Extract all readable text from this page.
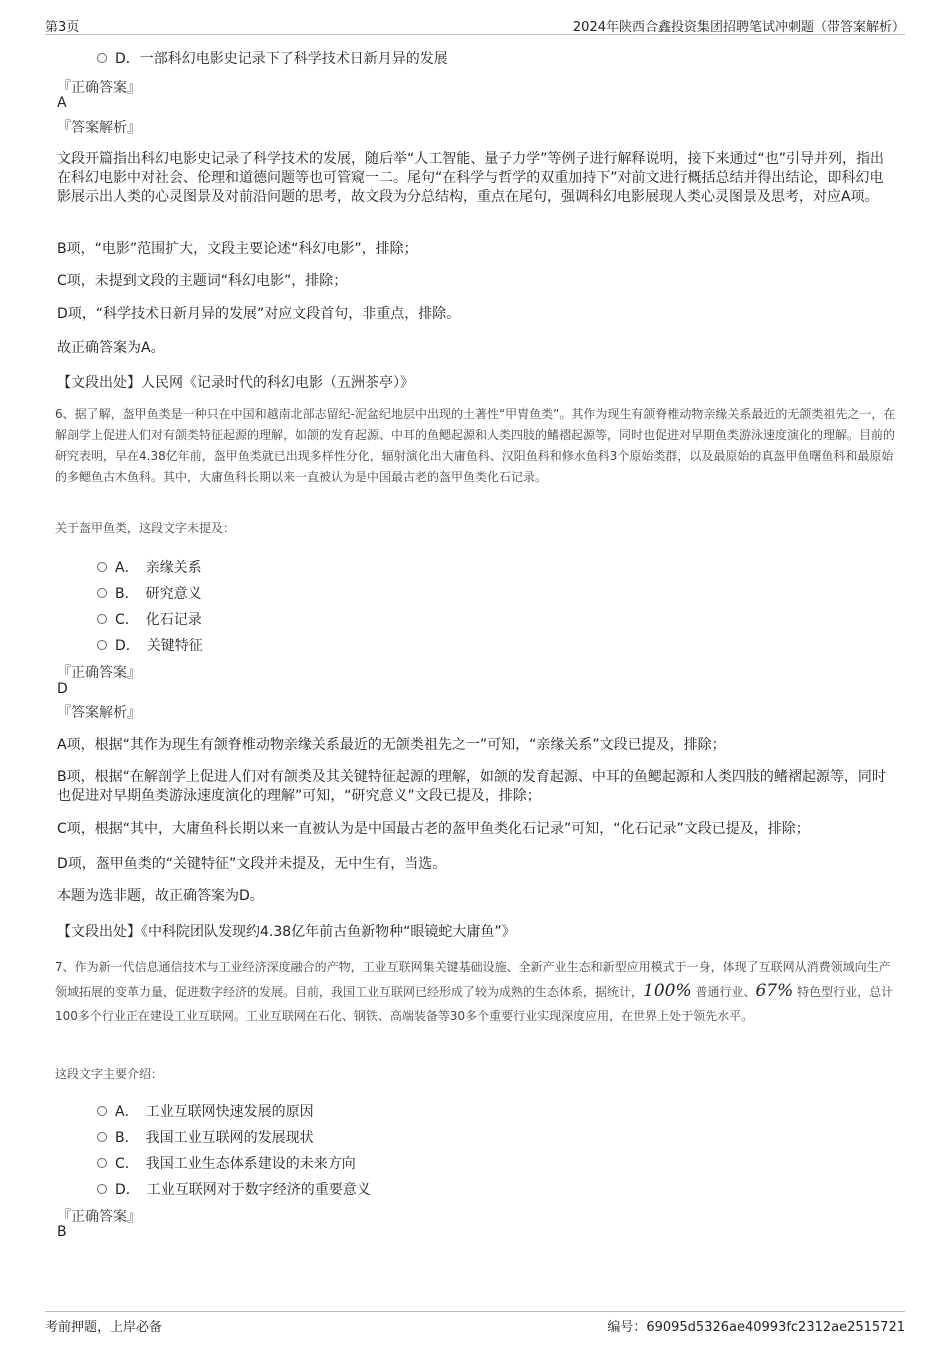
第3页	2024年陕西合鑫投资集团招聘笔试冲刺题（带答案解析）
D．一部科幻电影史记录下了科学技术日新月异的发展
『正确答案』
A
『答案解析』
文段开篇指出科幻电影史记录了科学技术的发展，随后举“人工智能、量子力学”等例子进行解释说明，接下来通过“也”引导并列，指出在科幻电影中对社会、伦理和道德问题等也可管窥一二。尾句“在科学与哲学的双重加持下”对前文进行概括总结并得出结论，即科幻电影展示出人类的心灵图景及对前沿问题的思考，故文段为分总结构，重点在尾句，强调科幻电影展现人类心灵图景及思考，对应A项。
B项，“电影”范围扩大，文段主要论述“科幻电影”，排除；
C项，未提到文段的主题词“科幻电影”，排除；
D项，“科学技术日新月异的发展”对应文段首句，非重点，排除。
故正确答案为A。
【文段出处】人民网《记录时代的科幻电影（五洲茶亭）》
6、据了解，盔甲鱼类是一种只在中国和越南北部志留纪-泥盆纪地层中出现的土著性“甲胄鱼类”。其作为现生有颌脊椎动物亲缘关系最近的无颌类祖先之一，在解剖学上促进人们对有颌类特征起源的理解，如颌的发育起源、中耳的鱼鳃起源和人类四肢的鳍褶起源等，同时也促进对早期鱼类游泳速度演化的理解。目前的研究表明，早在4.38亿年前，盔甲鱼类就已出现多样性分化，辐射演化出大庸鱼科、汉阳鱼科和修水鱼科3个原始类群，以及最原始的真盔甲鱼曙鱼科和最原始的多鳃鱼古木鱼科。其中，大庸鱼科长期以来一直被认为是中国最古老的盔甲鱼类化石记录。
关于盔甲鱼类，这段文字未提及：
A．　亲缘关系
B．　研究意义
C．　化石记录
D．　关键特征
『正确答案』
D
『答案解析』
A项，根据“其作为现生有颌脊椎动物亲缘关系最近的无颌类祖先之一”可知，“亲缘关系”文段已提及，排除；
B项，根据“在解剖学上促进人们对有颌类及其关键特征起源的理解，如颌的发育起源、中耳的鱼鳃起源和人类四肢的鳍褶起源等，同时也促进对早期鱼类游泳速度演化的理解”可知，“研究意义”文段已提及，排除；
C项，根据“其中，大庸鱼科长期以来一直被认为是中国最古老的盔甲鱼类化石记录”可知，“化石记录”文段已提及，排除；
D项，盔甲鱼类的“关键特征”文段并未提及，无中生有，当选。
本题为选非题，故正确答案为D。
【文段出处】《中科院团队发现约4.38亿年前古鱼新物种“眼镜蛇大庸鱼”》
7、作为新一代信息通信技术与工业经济深度融合的产物，工业互联网集关键基础设施、全新产业生态和新型应用模式于一身，体现了互联网从消费领域向生产领域拓展的变革力量，促进数字经济的发展。目前，我国工业互联网已经形成了较为成熟的生态体系，据统计，100% 普通行业、67% 特色型行业，总计100多个行业正在建设工业互联网。工业互联网在石化、钢铁、高端装备等30多个重要行业实现深度应用，在世界上处于领先水平。
这段文字主要介绍：
A．　工业互联网快速发展的原因
B．　我国工业互联网的发展现状
C．　我国工业生态体系建设的未来方向
D．　工业互联网对于数字经济的重要意义
『正确答案』
B
考前押题，上岸必备	编号：69095d5326ae40993fc2312ae2515721
